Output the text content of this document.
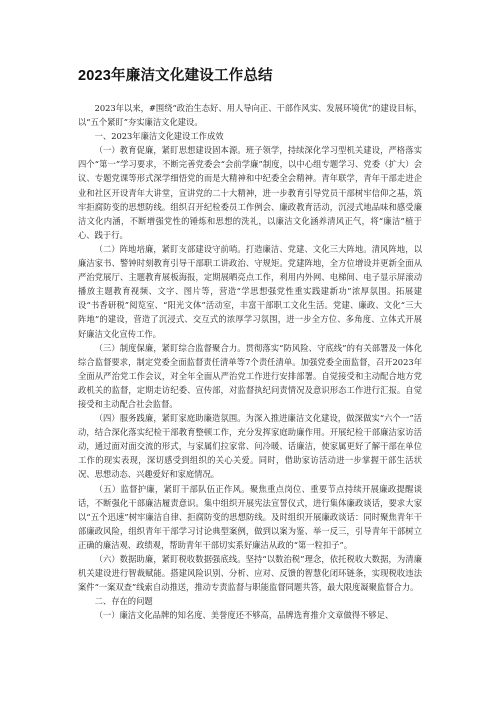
2023年廉洁文化建设工作总结

2023年以来，#围绕“政治生态好、用人导向正、干部作风实、发展环境优”的建设目标，以“五个紧盯”夯实廉洁文化建设。

一、2023年廉洁文化建设工作成效

（一）教育促廉，紧盯思想建设固本源。班子领学，持续深化学习型机关建设，严格落实四个“第一”学习要求，不断完善党委会“会前学廉”制度，以中心组专题学习、党委（扩大）会议、专题党课等形式深学细悟党的而是大精神和中纪委全会精神。青年联学，青年干部走进企业和社区开设青年大讲堂，宣讲党的二十大精神，进一步教育引导党员干部树牢信仰之基，筑牢拒腐防变的思想防线。组织召开纪检委员工作例会、廉政教育活动，沉浸式地品味和感受廉洁文化内涵，不断增强党性的锤炼和思想的洗礼，以廉洁文化涵养清风正气，将“廉洁”植于心、践于行。

（二）阵地培廉，紧盯支部建设守前哨。打造廉洁、党建、文化三大阵地。清风阵地，以廉洁家书、警钟时刻教育引导干部职工讲政治、守规矩。党建阵地，全方位增设并更新全面从严治党展厅、主题教育展板海报，定期展晒亮点工作，利用内外网、电梯间、电子显示屏滚动播放主题教育视频、文字、图片等，营造“学思想强党性重实践建新功”浓厚氛围。拓展建设“书香研税”阅览室、“阳光文体”活动室，丰富干部职工文化生活。党建、廉政、文化“三大阵地”的建设，营造了沉浸式、交互式的浓厚学习氛围，进一步全方位、多角度、立体式开展好廉洁文化宣传工作。

（三）制度保廉，紧盯综合监督聚合力。贯彻落实“防风险、守底线”的有关部署及一体化综合监督要求，制定党委全面监督责任清单等7个责任清单。加强党委全面监督，召开2023年全面从严治党工作会议，对全年全面从严治党工作进行安排部署。自觉接受和主动配合地方党政机关的监督，定期走访纪委、宣传部，对监督执纪问责情况及意识形态工作进行汇报。自觉接受和主动配合社会监督。

（四）服务践廉，紧盯家庭助廉造氛围。为深入推进廉洁文化建设，做深做实“六个一”活动，结合深化落实纪检干部教育整顿工作，充分发挥家庭助廉作用。开展纪检干部廉洁家访活动，通过面对面交流的形式，与家属们拉家常、问冷暖、话廉洁，使家属更好了解干部在单位工作的现实表现，深切感受到组织的关心关爱。同时，借助家访活动进一步掌握干部生活状况、思想动态、兴趣爱好和家庭情况。

（五）监督护廉，紧盯干部队伍正作风。聚焦重点岗位、重要节点持续开展廉政提醒谈话，不断强化干部廉洁履责意识。集中组织开展宪法宣誓仪式，进行集体廉政谈话，要求大家以“五个迅速”树牢廉洁自律、拒腐防变的思想防线。及时组织开展廉政谈话：同时聚焦青年干部廉政风险，组织青年干部学习讨论典型案例，做到以案为鉴、举一反三，引导青年干部树立正确的廉洁观、政绩观，帮助青年干部切实系好廉洁从政的“第一粒扣子”。

（六）数据助廉，紧盯税收数据强底线。坚持“以数治税”理念，依托税收大数据，为清廉机关建设进行智裁赋能。搭建风险识别、分析、应对、反馈的智慧化闭环链条，实现税收违法案件“一案双查”线索自动推送，推动专责监督与职能监督同题共答，最大限度凝聚监督合力。

二、存在的问题

（一）廉洁文化品牌的知名度、美誉度还不够高，品牌选育推介文章做得不够足、
